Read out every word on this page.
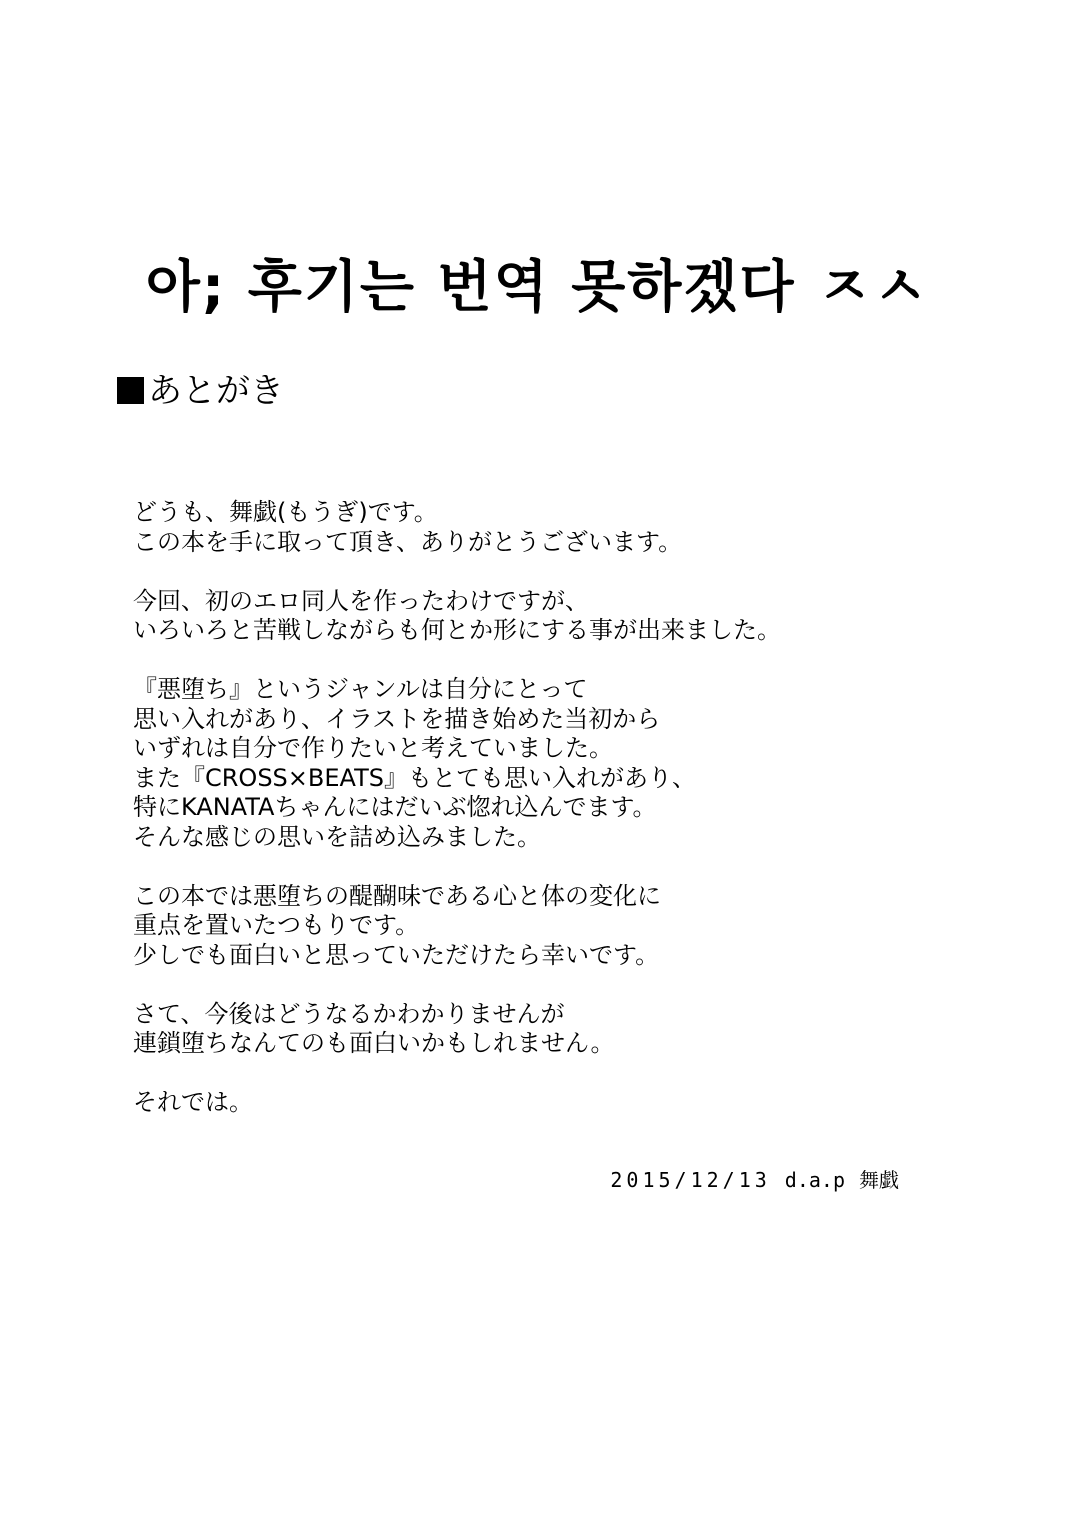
아; 후기는 번역 못하겠다 ㅈㅅ
あとがき
どうも、舞戯(もうぎ)です。
この本を手に取って頂き、ありがとうございます。
今回、初のエロ同人を作ったわけですが、
いろいろと苦戦しながらも何とか形にする事が出来ました。
『悪堕ち』というジャンルは自分にとって
思い入れがあり、イラストを描き始めた当初から
いずれは自分で作りたいと考えていました。
また『CROSS×BEATS』もとても思い入れがあり、
特にKANATAちゃんにはだいぶ惚れ込んでます。
そんな感じの思いを詰め込みました。
この本では悪堕ちの醍醐味である心と体の変化に
重点を置いたつもりです。
少しでも面白いと思っていただけたら幸いです。
さて、今後はどうなるかわかりませんが
連鎖堕ちなんてのも面白いかもしれません。
それでは。
2015/12/13 d.a.p 舞戯
